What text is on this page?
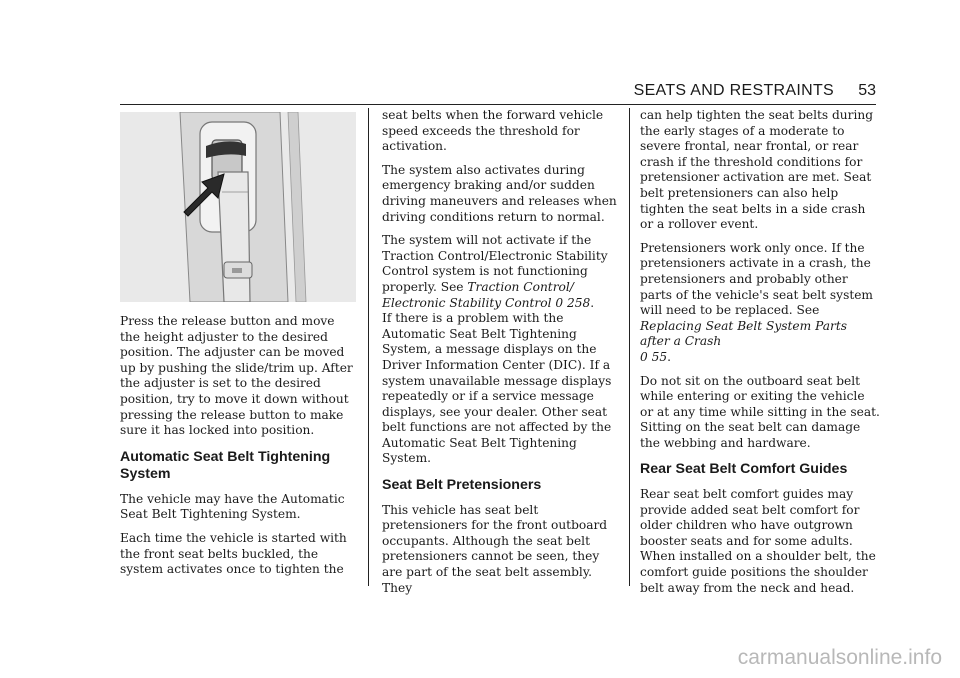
SEATS AND RESTRAINTS 53

Press the release button and move the height adjuster to the desired position. The adjuster can be moved up by pushing the slide/trim up. After the adjuster is set to the desired position, try to move it down without pressing the release button to make sure it has locked into position.

Automatic Seat Belt Tightening System

The vehicle may have the Automatic Seat Belt Tightening System.

Each time the vehicle is started with the front seat belts buckled, the system activates once to tighten the

seat belts when the forward vehicle speed exceeds the threshold for activation.

The system also activates during emergency braking and/or sudden driving maneuvers and releases when driving conditions return to normal.

The system will not activate if the Traction Control/Electronic Stability Control system is not functioning properly. See Traction Control/ Electronic Stability Control 0 258.

If there is a problem with the Automatic Seat Belt Tightening System, a message displays on the Driver Information Center (DIC). If a system unavailable message displays repeatedly or if a service message displays, see your dealer. Other seat belt functions are not affected by the Automatic Seat Belt Tightening System.

Seat Belt Pretensioners

This vehicle has seat belt pretensioners for the front outboard occupants. Although the seat belt pretensioners cannot be seen, they are part of the seat belt assembly. They

can help tighten the seat belts during the early stages of a moderate to severe frontal, near frontal, or rear crash if the threshold conditions for pretensioner activation are met. Seat belt pretensioners can also help tighten the seat belts in a side crash or a rollover event.

Pretensioners work only once. If the pretensioners activate in a crash, the pretensioners and probably other parts of the vehicle's seat belt system will need to be replaced. See Replacing Seat Belt System Parts after a Crash
0 55.

Do not sit on the outboard seat belt while entering or exiting the vehicle or at any time while sitting in the seat. Sitting on the seat belt can damage the webbing and hardware.

Rear Seat Belt Comfort Guides

Rear seat belt comfort guides may provide added seat belt comfort for older children who have outgrown booster seats and for some adults. When installed on a shoulder belt, the comfort guide positions the shoulder belt away from the neck and head.

carmanualsonline.info
